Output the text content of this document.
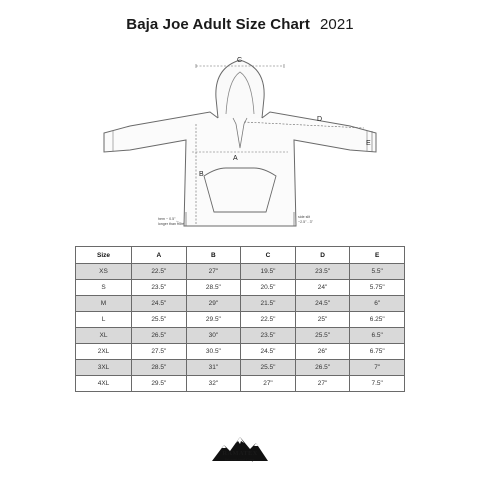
Baja Joe Adult Size Chart 2021
C
D
E
A
B
hem ~ 0.5"
longer than front
side slit
~2.5" - 3"
Size	A	B	C	D	E
XS	22.5"	27"	19.5"	23.5"	5.5"
S	23.5"	28.5"	20.5"	24"	5.75"
M	24.5"	29"	21.5"	24.5"	6"
L	25.5"	29.5"	22.5"	25"	6.25"
XL	26.5"	30"	23.5"	25.5"	6.5"
2XL	27.5"	30.5"	24.5"	26"	6.75"
3XL	28.5"	31"	25.5"	26.5"	7"
4XL	29.5"	32"	27"	27"	7.5"
RAMATEX
International Corp.
